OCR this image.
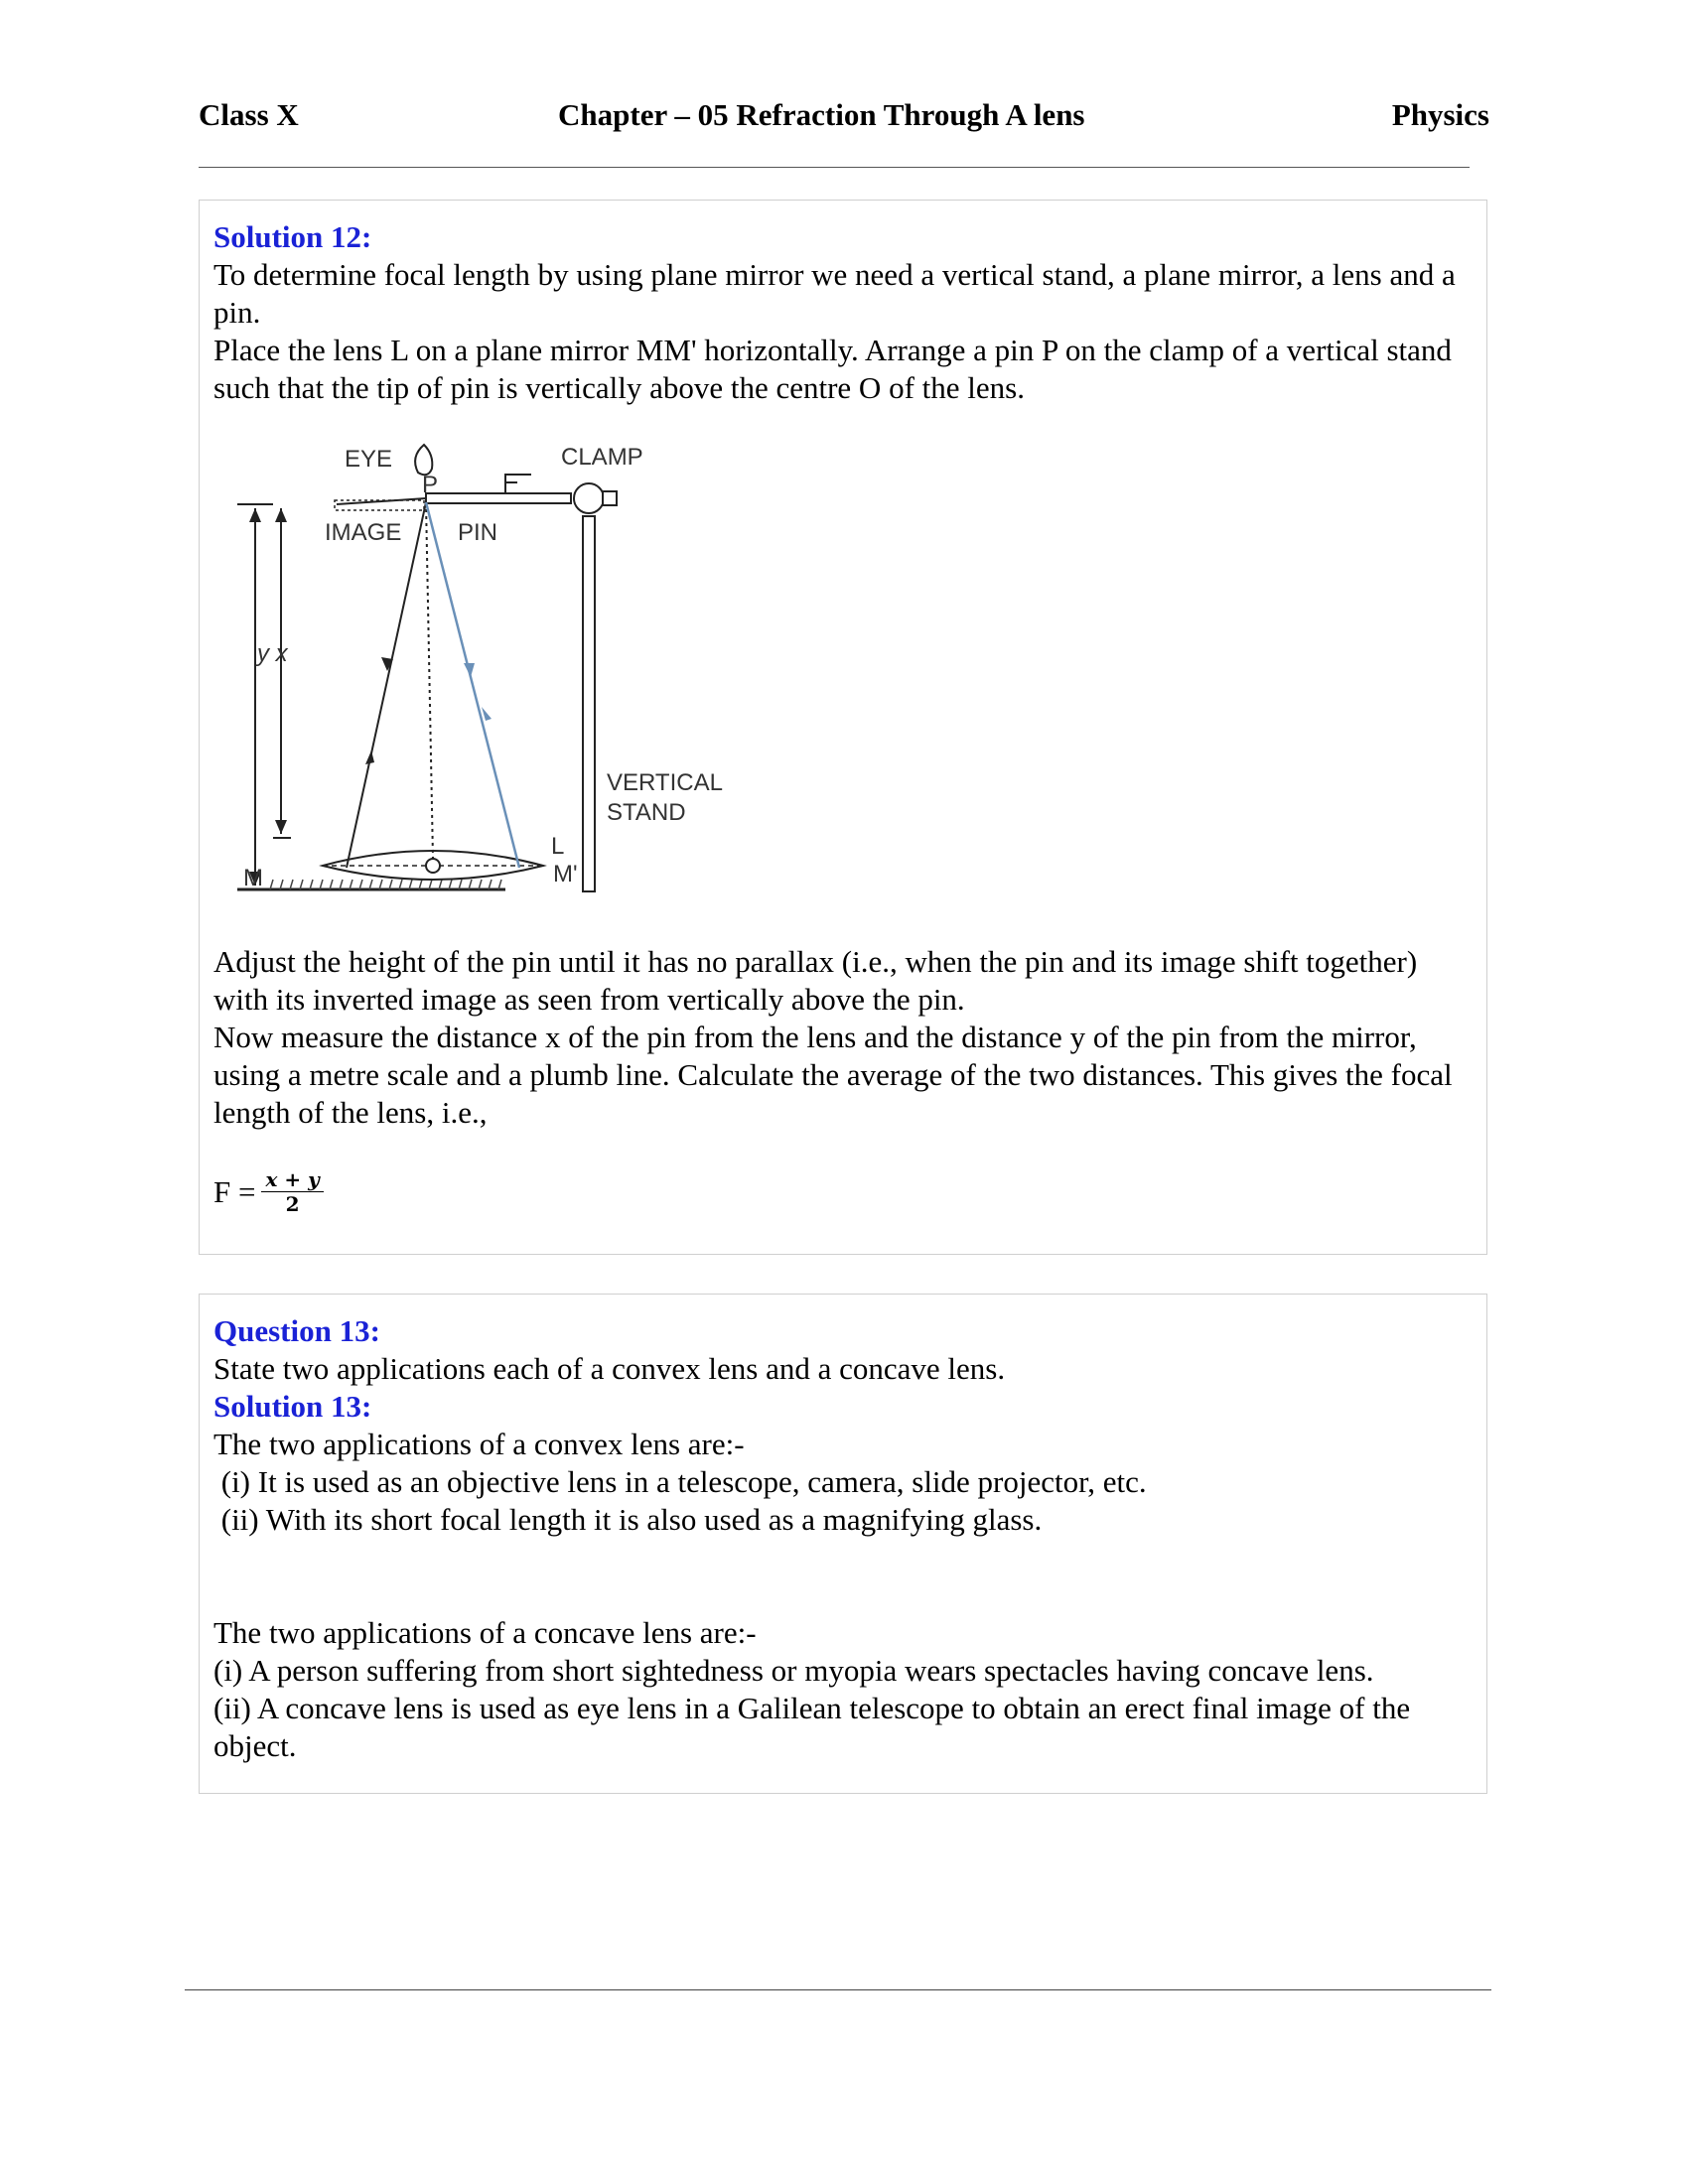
Class X	Chapter – 05 Refraction Through A lens	Physics
Solution 12:

To determine focal length by using plane mirror we need a vertical stand, a plane mirror, a lens and a pin.

Place the lens L on a plane mirror MM' horizontally. Arrange a pin P on the clamp of a vertical stand such that the tip of pin is vertically above the centre O of the lens.

EYE	CLAMP
P
IMAGE PIN
y x
VERTICAL
STAND
L
M	M'

Adjust the height of the pin until it has no parallax (i.e., when the pin and its image shift together) with its inverted image as seen from vertically above the pin.

Now measure the distance x of the pin from the lens and the distance y of the pin from the mirror, using a metre scale and a plumb line. Calculate the average of the two distances. This gives the focal length of the lens, i.e.,

$F = \frac{x + y}{2}$
Question 13:

State two applications each of a convex lens and a concave lens.

Solution 13:

The two applications of a convex lens are:-

(i) It is used as an objective lens in a telescope, camera, slide projector, etc.

(ii) With its short focal length it is also used as a magnifying glass.

The two applications of a concave lens are:-

(i) A person suffering from short sightedness or myopia wears spectacles having concave lens.

(ii) A concave lens is used as eye lens in a Galilean telescope to obtain an erect final image of the object.
